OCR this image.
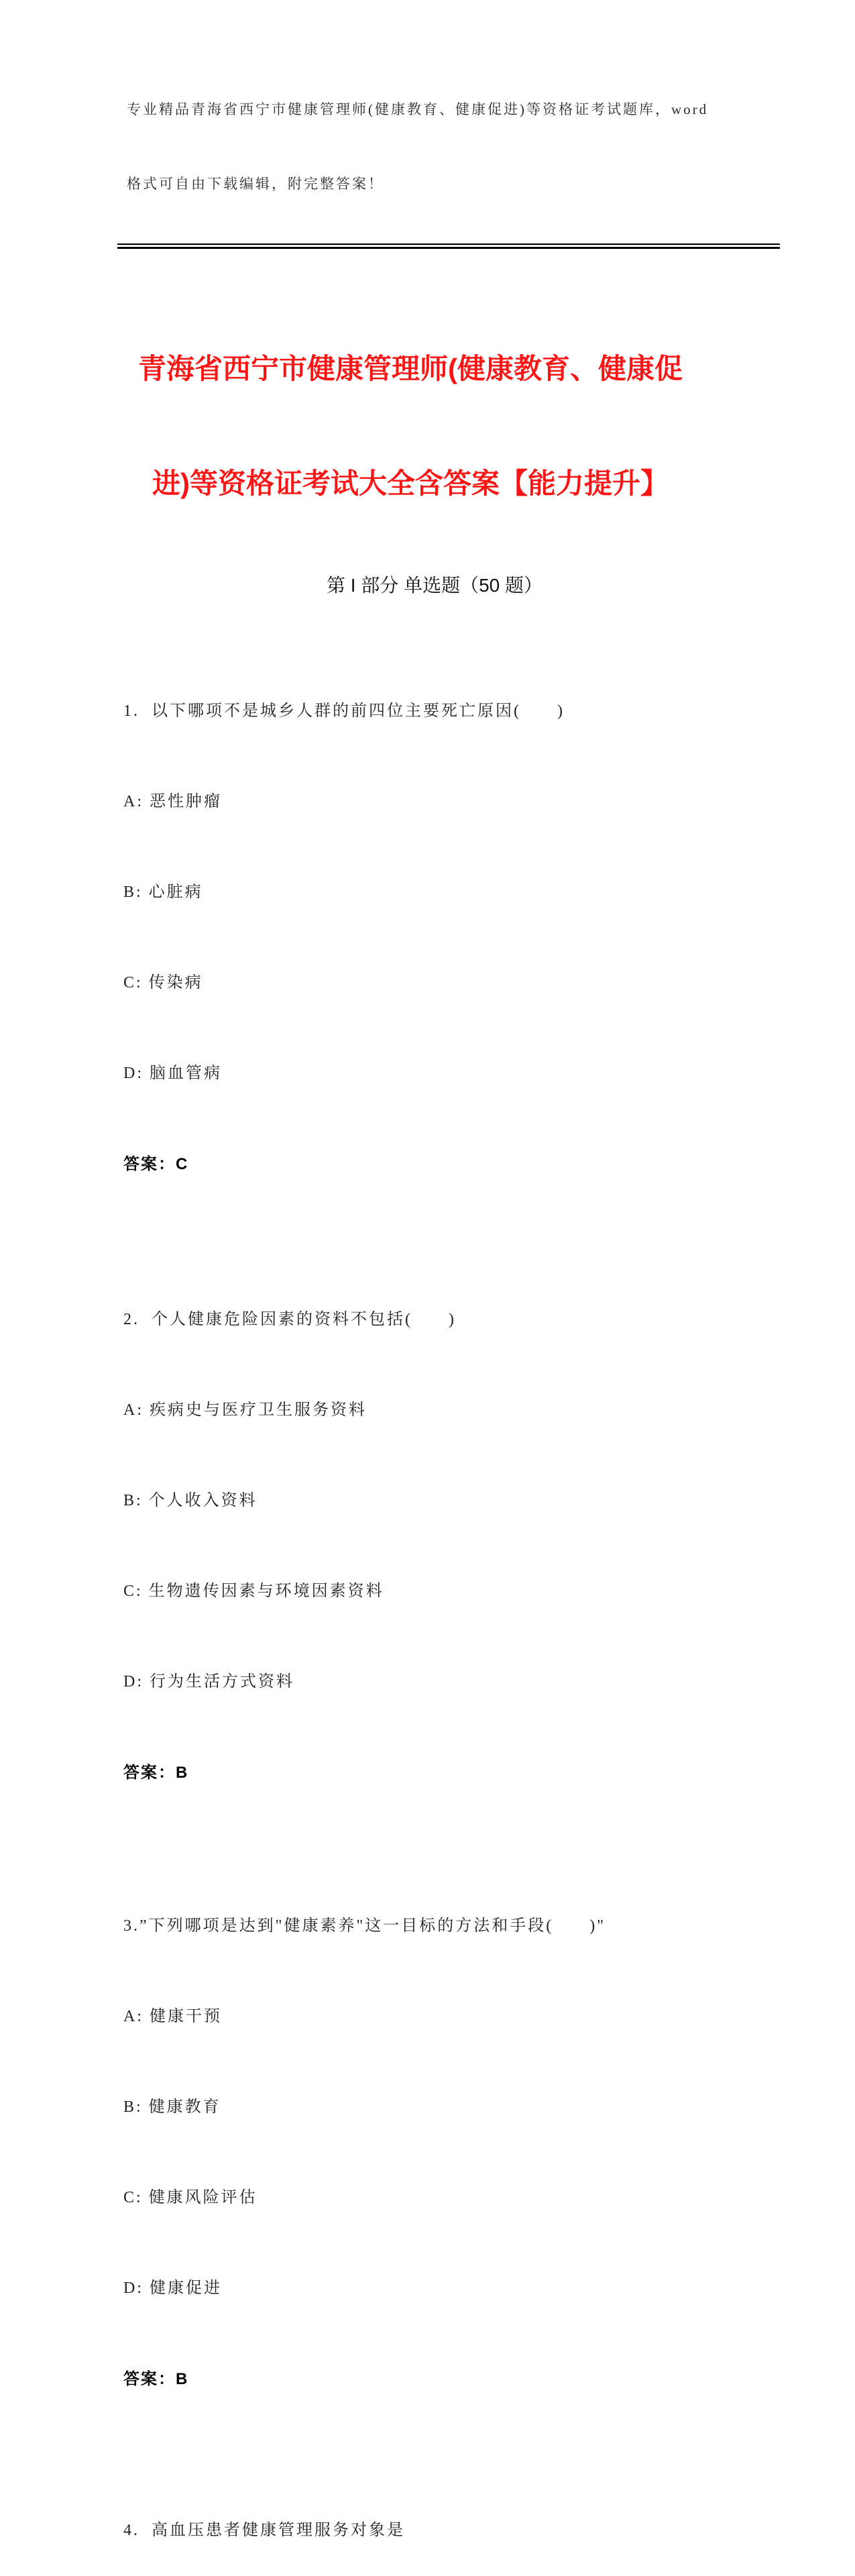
专业精品青海省西宁市健康管理师(健康教育、健康促进)等资格证考试题库，word

格式可自由下载编辑，附完整答案！

青海省西宁市健康管理师(健康教育、健康促

进)等资格证考试大全含答案【能力提升】

第 I 部分 单选题（50 题）

1.  以下哪项不是城乡人群的前四位主要死亡原因(      )

A: 恶性肿瘤

B: 心脏病

C: 传染病

D: 脑血管病

答案：C

2.  个人健康危险因素的资料不包括(      )

A: 疾病史与医疗卫生服务资料

B: 个人收入资料

C: 生物遗传因素与环境因素资料

D: 行为生活方式资料

答案：B

3.”下列哪项是达到"健康素养"这一目标的方法和手段(      )"

A: 健康干预

B: 健康教育

C: 健康风险评估

D: 健康促进

答案：B

4.  高血压患者健康管理服务对象是
